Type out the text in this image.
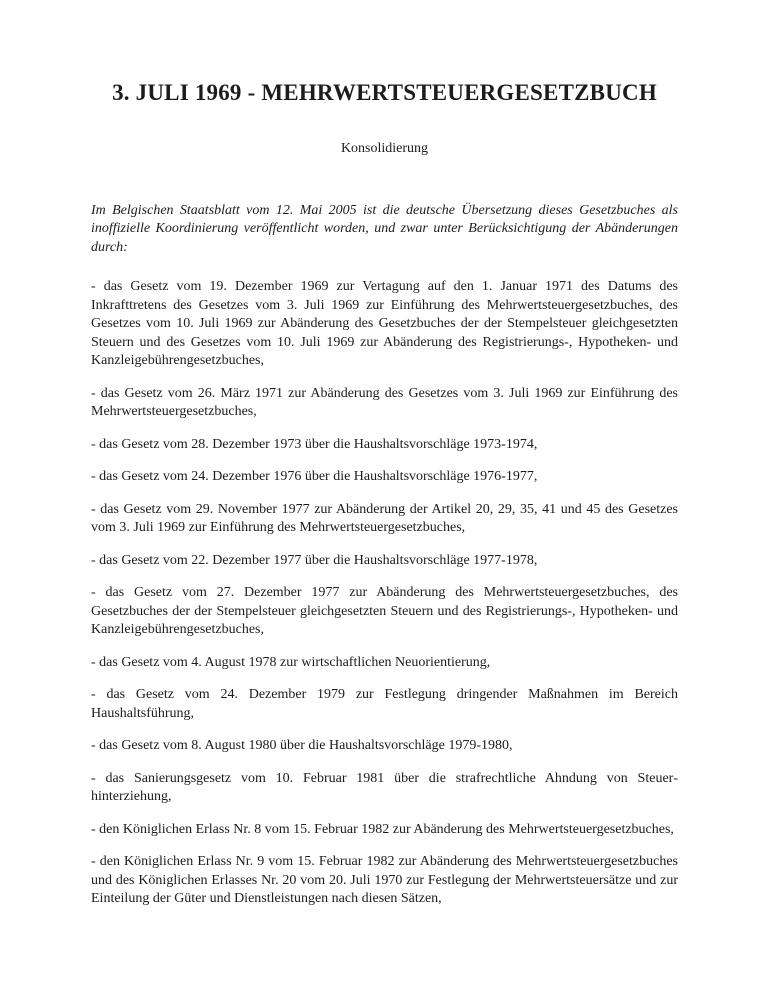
3. JULI 1969 - MEHRWERTSTEUERGESETZBUCH

Konsolidierung

Im Belgischen Staatsblatt vom 12. Mai 2005 ist die deutsche Übersetzung dieses Gesetzbuches als inoffizielle Koordinierung veröffentlicht worden, und zwar unter Berücksichtigung der Abänderungen durch:

- das Gesetz vom 19. Dezember 1969 zur Vertagung auf den 1. Januar 1971 des Datums des Inkrafttretens des Gesetzes vom 3. Juli 1969 zur Einführung des Mehrwertsteuergesetzbuches, des Gesetzes vom 10. Juli 1969 zur Abänderung des Gesetzbuches der der Stempelsteuer gleichgesetzten Steuern und des Gesetzes vom 10. Juli 1969 zur Abänderung des Registrierungs-, Hypotheken- und Kanzleigebührengesetzbuches,

- das Gesetz vom 26. März 1971 zur Abänderung des Gesetzes vom 3. Juli 1969 zur Einführung des Mehrwertsteuergesetzbuches,

- das Gesetz vom 28. Dezember 1973 über die Haushaltsvorschläge 1973-1974,

- das Gesetz vom 24. Dezember 1976 über die Haushaltsvorschläge 1976-1977,

- das Gesetz vom 29. November 1977 zur Abänderung der Artikel 20, 29, 35, 41 und 45 des Gesetzes vom 3. Juli 1969 zur Einführung des Mehrwertsteuergesetzbuches,

- das Gesetz vom 22. Dezember 1977 über die Haushaltsvorschläge 1977-1978,

- das Gesetz vom 27. Dezember 1977 zur Abänderung des Mehrwertsteuergesetzbuches, des Gesetzbuches der der Stempelsteuer gleichgesetzten Steuern und des Registrierungs-, Hypotheken- und Kanzleigebührengesetzbuches,

- das Gesetz vom 4. August 1978 zur wirtschaftlichen Neuorientierung,

- das Gesetz vom 24. Dezember 1979 zur Festlegung dringender Maßnahmen im Bereich Haushaltsführung,

- das Gesetz vom 8. August 1980 über die Haushaltsvorschläge 1979-1980,

- das Sanierungsgesetz vom 10. Februar 1981 über die strafrechtliche Ahndung von Steuerhinterziehung,

- den Königlichen Erlass Nr. 8 vom 15. Februar 1982 zur Abänderung des Mehrwertsteuergesetzbuches,

- den Königlichen Erlass Nr. 9 vom 15. Februar 1982 zur Abänderung des Mehrwertsteuergesetzbuches und des Königlichen Erlasses Nr. 20 vom 20. Juli 1970 zur Festlegung der Mehrwertsteuersätze und zur Einteilung der Güter und Dienstleistungen nach diesen Sätzen,
